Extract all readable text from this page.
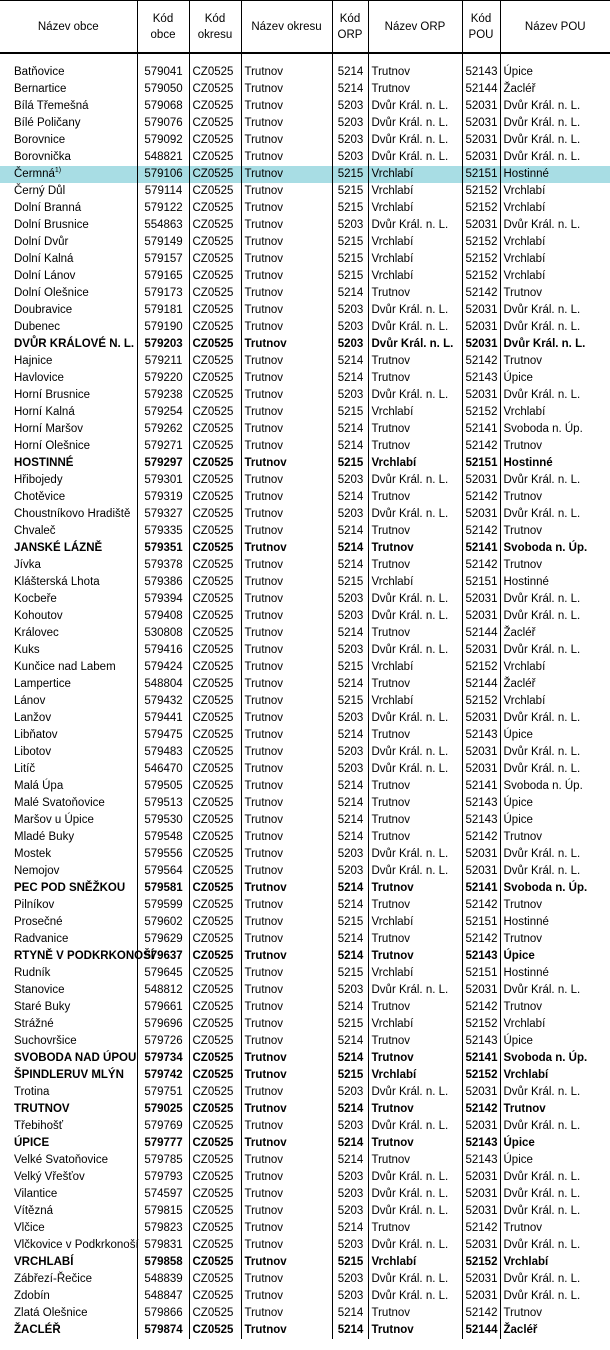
Název obce	Kód obce	Kód okresu	Název okresu	Kód ORP	Název ORP	Kód POU	Název POU

Batňovice	579041	CZ0525	Trutnov	5214	Trutnov	52143	Úpice
Bernartice	579050	CZ0525	Trutnov	5214	Trutnov	52144	Žacléř
Bílá Třemešná	579068	CZ0525	Trutnov	5203	Dvůr Král. n. L.	52031	Dvůr Král. n. L.
Bílé Poličany	579076	CZ0525	Trutnov	5203	Dvůr Král. n. L.	52031	Dvůr Král. n. L.
Borovnice	579092	CZ0525	Trutnov	5203	Dvůr Král. n. L.	52031	Dvůr Král. n. L.
Borovnička	548821	CZ0525	Trutnov	5203	Dvůr Král. n. L.	52031	Dvůr Král. n. L.
Čermná$^{1)}$	579106	CZ0525	Trutnov	5215	Vrchlabí	52151	Hostinné
Černý Důl	579114	CZ0525	Trutnov	5215	Vrchlabí	52152	Vrchlabí
Dolní Branná	579122	CZ0525	Trutnov	5215	Vrchlabí	52152	Vrchlabí
Dolní Brusnice	554863	CZ0525	Trutnov	5203	Dvůr Král. n. L.	52031	Dvůr Král. n. L.
Dolní Dvůr	579149	CZ0525	Trutnov	5215	Vrchlabí	52152	Vrchlabí
Dolní Kalná	579157	CZ0525	Trutnov	5215	Vrchlabí	52152	Vrchlabí
Dolní Lánov	579165	CZ0525	Trutnov	5215	Vrchlabí	52152	Vrchlabí
Dolní Olešnice	579173	CZ0525	Trutnov	5214	Trutnov	52142	Trutnov
Doubravice	579181	CZ0525	Trutnov	5203	Dvůr Král. n. L.	52031	Dvůr Král. n. L.
Dubenec	579190	CZ0525	Trutnov	5203	Dvůr Král. n. L.	52031	Dvůr Král. n. L.
DVŮR KRÁLOVÉ N. L.	579203	CZ0525	Trutnov	5203	Dvůr Král. n. L.	52031	Dvůr Král. n. L.
Hajnice	579211	CZ0525	Trutnov	5214	Trutnov	52142	Trutnov
Havlovice	579220	CZ0525	Trutnov	5214	Trutnov	52143	Úpice
Horní Brusnice	579238	CZ0525	Trutnov	5203	Dvůr Král. n. L.	52031	Dvůr Král. n. L.
Horní Kalná	579254	CZ0525	Trutnov	5215	Vrchlabí	52152	Vrchlabí
Horní Maršov	579262	CZ0525	Trutnov	5214	Trutnov	52141	Svoboda n. Úp.
Horní Olešnice	579271	CZ0525	Trutnov	5214	Trutnov	52142	Trutnov
HOSTINNÉ	579297	CZ0525	Trutnov	5215	Vrchlabí	52151	Hostinné
Hřibojedy	579301	CZ0525	Trutnov	5203	Dvůr Král. n. L.	52031	Dvůr Král. n. L.
Chotěvice	579319	CZ0525	Trutnov	5214	Trutnov	52142	Trutnov
Choustníkovo Hradiště	579327	CZ0525	Trutnov	5203	Dvůr Král. n. L.	52031	Dvůr Král. n. L.
Chvaleč	579335	CZ0525	Trutnov	5214	Trutnov	52142	Trutnov
JANSKÉ LÁZNĚ	579351	CZ0525	Trutnov	5214	Trutnov	52141	Svoboda n. Úp.
Jívka	579378	CZ0525	Trutnov	5214	Trutnov	52142	Trutnov
Klášterská Lhota	579386	CZ0525	Trutnov	5215	Vrchlabí	52151	Hostinné
Kocbeře	579394	CZ0525	Trutnov	5203	Dvůr Král. n. L.	52031	Dvůr Král. n. L.
Kohoutov	579408	CZ0525	Trutnov	5203	Dvůr Král. n. L.	52031	Dvůr Král. n. L.
Královec	530808	CZ0525	Trutnov	5214	Trutnov	52144	Žacléř
Kuks	579416	CZ0525	Trutnov	5203	Dvůr Král. n. L.	52031	Dvůr Král. n. L.
Kunčice nad Labem	579424	CZ0525	Trutnov	5215	Vrchlabí	52152	Vrchlabí
Lampertice	548804	CZ0525	Trutnov	5214	Trutnov	52144	Žacléř
Lánov	579432	CZ0525	Trutnov	5215	Vrchlabí	52152	Vrchlabí
Lanžov	579441	CZ0525	Trutnov	5203	Dvůr Král. n. L.	52031	Dvůr Král. n. L.
Libňatov	579475	CZ0525	Trutnov	5214	Trutnov	52143	Úpice
Libotov	579483	CZ0525	Trutnov	5203	Dvůr Král. n. L.	52031	Dvůr Král. n. L.
Litíč	546470	CZ0525	Trutnov	5203	Dvůr Král. n. L.	52031	Dvůr Král. n. L.
Malá Úpa	579505	CZ0525	Trutnov	5214	Trutnov	52141	Svoboda n. Úp.
Malé Svatoňovice	579513	CZ0525	Trutnov	5214	Trutnov	52143	Úpice
Maršov u Úpice	579530	CZ0525	Trutnov	5214	Trutnov	52143	Úpice
Mladé Buky	579548	CZ0525	Trutnov	5214	Trutnov	52142	Trutnov
Mostek	579556	CZ0525	Trutnov	5203	Dvůr Král. n. L.	52031	Dvůr Král. n. L.
Nemojov	579564	CZ0525	Trutnov	5203	Dvůr Král. n. L.	52031	Dvůr Král. n. L.
PEC POD SNĚŽKOU	579581	CZ0525	Trutnov	5214	Trutnov	52141	Svoboda n. Úp.
Pilníkov	579599	CZ0525	Trutnov	5214	Trutnov	52142	Trutnov
Prosečné	579602	CZ0525	Trutnov	5215	Vrchlabí	52151	Hostinné
Radvanice	579629	CZ0525	Trutnov	5214	Trutnov	52142	Trutnov
RTYNĚ V PODKRKONOŠÍ	579637	CZ0525	Trutnov	5214	Trutnov	52143	Úpice
Rudník	579645	CZ0525	Trutnov	5215	Vrchlabí	52151	Hostinné
Stanovice	548812	CZ0525	Trutnov	5203	Dvůr Král. n. L.	52031	Dvůr Král. n. L.
Staré Buky	579661	CZ0525	Trutnov	5214	Trutnov	52142	Trutnov
Strážné	579696	CZ0525	Trutnov	5215	Vrchlabí	52152	Vrchlabí
Suchovršice	579726	CZ0525	Trutnov	5214	Trutnov	52143	Úpice
SVOBODA NAD ÚPOU	579734	CZ0525	Trutnov	5214	Trutnov	52141	Svoboda n. Úp.
ŠPINDLERUV MLÝN	579742	CZ0525	Trutnov	5215	Vrchlabí	52152	Vrchlabí
Trotina	579751	CZ0525	Trutnov	5203	Dvůr Král. n. L.	52031	Dvůr Král. n. L.
TRUTNOV	579025	CZ0525	Trutnov	5214	Trutnov	52142	Trutnov
Třebihošť	579769	CZ0525	Trutnov	5203	Dvůr Král. n. L.	52031	Dvůr Král. n. L.
ÚPICE	579777	CZ0525	Trutnov	5214	Trutnov	52143	Úpice
Velké Svatoňovice	579785	CZ0525	Trutnov	5214	Trutnov	52143	Úpice
Velký Vřešťov	579793	CZ0525	Trutnov	5203	Dvůr Král. n. L.	52031	Dvůr Král. n. L.
Vilantice	574597	CZ0525	Trutnov	5203	Dvůr Král. n. L.	52031	Dvůr Král. n. L.
Vítězná	579815	CZ0525	Trutnov	5203	Dvůr Král. n. L.	52031	Dvůr Král. n. L.
Vlčice	579823	CZ0525	Trutnov	5214	Trutnov	52142	Trutnov
Vlčkovice v Podkrkonoší	579831	CZ0525	Trutnov	5203	Dvůr Král. n. L.	52031	Dvůr Král. n. L.
VRCHLABÍ	579858	CZ0525	Trutnov	5215	Vrchlabí	52152	Vrchlabí
Zábřezí-Řečice	548839	CZ0525	Trutnov	5203	Dvůr Král. n. L.	52031	Dvůr Král. n. L.
Zdobín	548847	CZ0525	Trutnov	5203	Dvůr Král. n. L.	52031	Dvůr Král. n. L.
Zlatá Olešnice	579866	CZ0525	Trutnov	5214	Trutnov	52142	Trutnov
ŽACLÉŘ	579874	CZ0525	Trutnov	5214	Trutnov	52144	Žacléř
